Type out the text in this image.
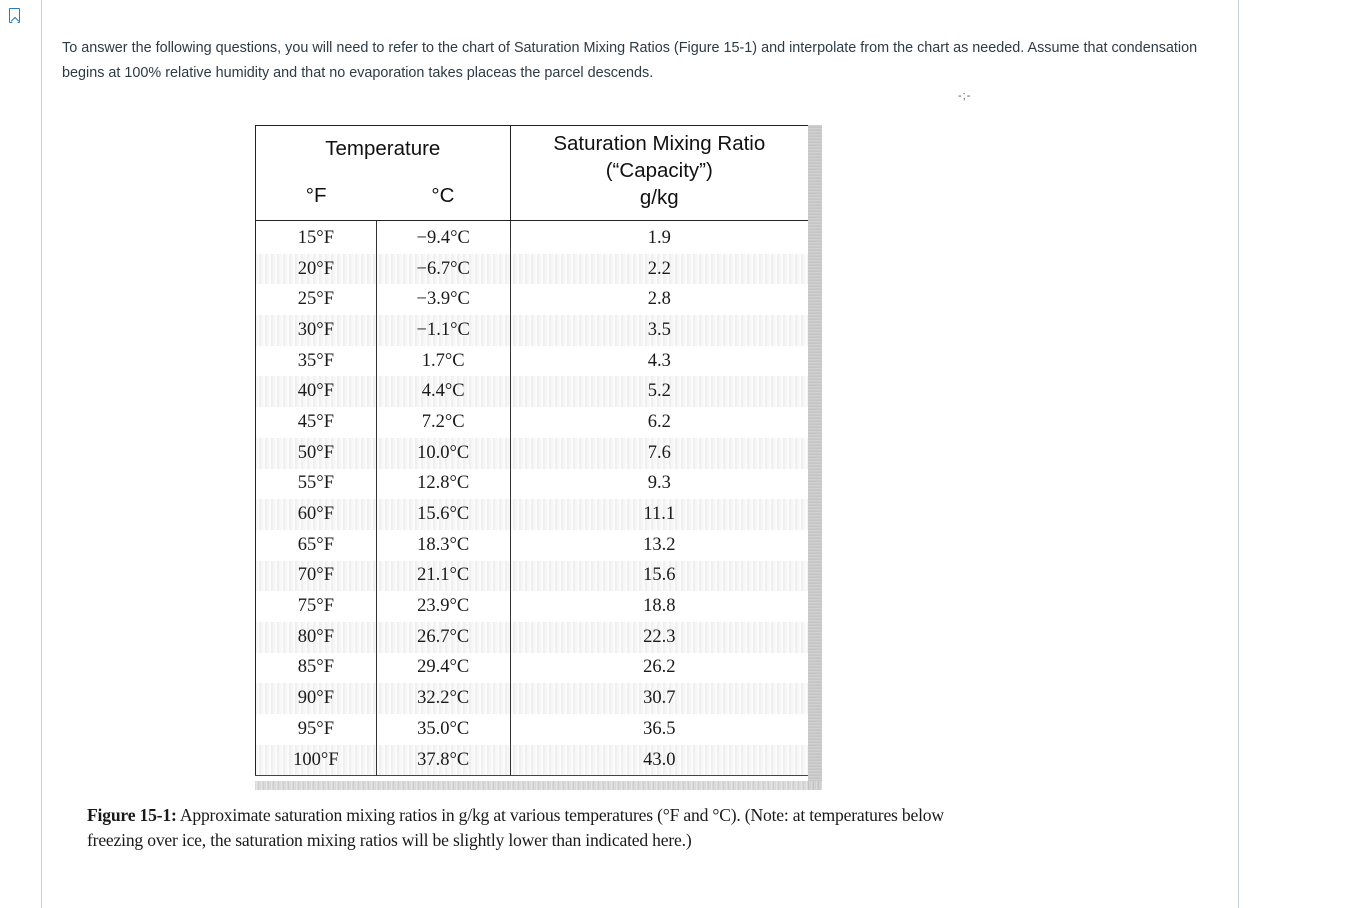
To answer the following questions, you will need to refer to the chart of Saturation Mixing Ratios (Figure 15-1) and interpolate from the chart as needed. Assume that condensation begins at 100% relative humidity and that no evaporation takes placeas the parcel descends.
-;-
Temperature		Saturation Mixing Ratio
(“Capacity”)
g/kg

°F	°C	
15°F	−9.4°C	1.9
20°F	−6.7°C	2.2
25°F	−3.9°C	2.8
30°F	−1.1°C	3.5
35°F	1.7°C	4.3
40°F	4.4°C	5.2
45°F	7.2°C	6.2
50°F	10.0°C	7.6
55°F	12.8°C	9.3
60°F	15.6°C	11.1
65°F	18.3°C	13.2
70°F	21.1°C	15.6
75°F	23.9°C	18.8
80°F	26.7°C	22.3
85°F	29.4°C	26.2
90°F	32.2°C	30.7
95°F	35.0°C	36.5
100°F	37.8°C	43.0
Figure 15-1: Approximate saturation mixing ratios in g/kg at various temperatures (°F and °C). (Note: at temperatures below freezing over ice, the saturation mixing ratios will be slightly lower than indicated here.)
